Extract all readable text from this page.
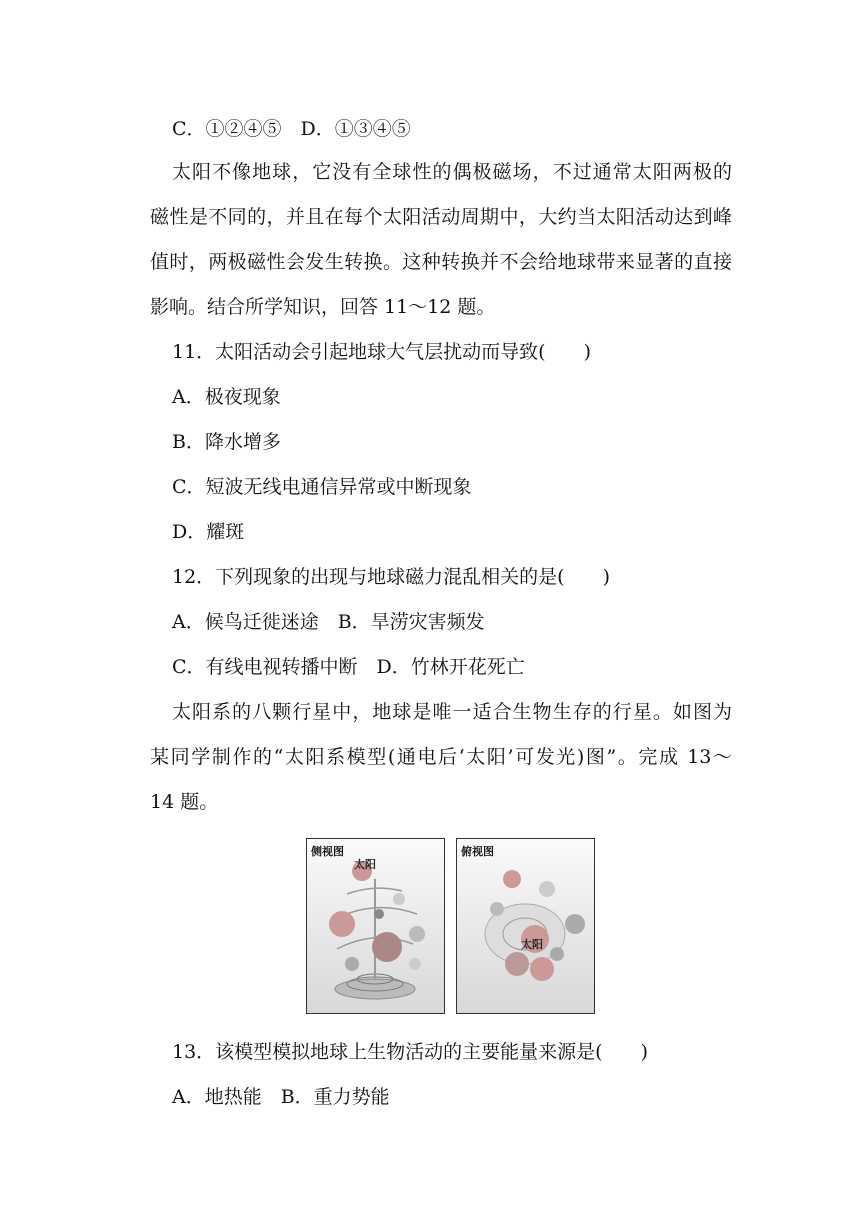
C．①②④⑤　D．①③④⑤
太阳不像地球，它没有全球性的偶极磁场，不过通常太阳两极的
磁性是不同的，并且在每个太阳活动周期中，大约当太阳活动达到峰
值时，两极磁性会发生转换。这种转换并不会给地球带来显著的直接
影响。结合所学知识，回答 11～12 题。
11．太阳活动会引起地球大气层扰动而导致(　　)
A．极夜现象
B．降水增多
C．短波无线电通信异常或中断现象
D．耀斑
12．下列现象的出现与地球磁力混乱相关的是(　　)
A．候鸟迁徙迷途　B．旱涝灾害频发
C．有线电视转播中断　D．竹林开花死亡
太阳系的八颗行星中，地球是唯一适合生物生存的行星。如图为
某同学制作的“太阳系模型(通电后‘太阳’可发光)图”。完成 13～
14 题。
侧视图
太阳
俯视图
太阳
13．该模型模拟地球上生物活动的主要能量来源是(　　)
A．地热能　B．重力势能
